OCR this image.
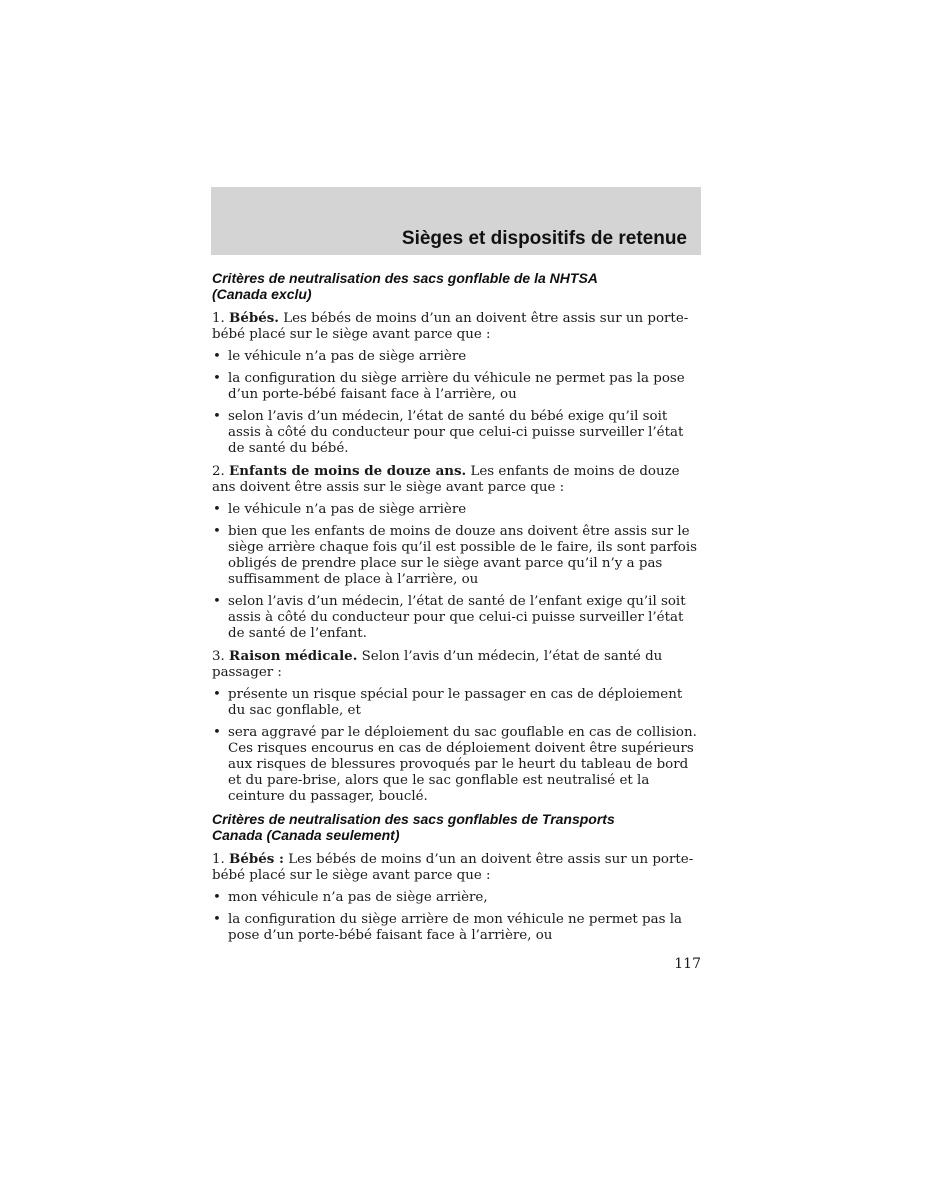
Sièges et dispositifs de retenue
Critères de neutralisation des sacs gonflable de la NHTSA
(Canada exclu)

1. Bébés. Les bébés de moins d’un an doivent être assis sur un porte-bébé placé sur le siège avant parce que :

• le véhicule n’a pas de siège arrière
• la configuration du siège arrière du véhicule ne permet pas la pose d’un porte-bébé faisant face à l’arrière, ou
• selon l’avis d’un médecin, l’état de santé du bébé exige qu’il soit assis à côté du conducteur pour que celui-ci puisse surveiller l’état de santé du bébé.

2. Enfants de moins de douze ans. Les enfants de moins de douze ans doivent être assis sur le siège avant parce que :

• le véhicule n’a pas de siège arrière
• bien que les enfants de moins de douze ans doivent être assis sur le siège arrière chaque fois qu’il est possible de le faire, ils sont parfois obligés de prendre place sur le siège avant parce qu’il n’y a pas suffisamment de place à l’arrière, ou
• selon l’avis d’un médecin, l’état de santé de l’enfant exige qu’il soit assis à côté du conducteur pour que celui-ci puisse surveiller l’état de santé de l’enfant.

3. Raison médicale. Selon l’avis d’un médecin, l’état de santé du passager :

• présente un risque spécial pour le passager en cas de déploiement du sac gonflable, et
• sera aggravé par le déploiement du sac gouflable en cas de collision. Ces risques encourus en cas de déploiement doivent être supérieurs aux risques de blessures provoqués par le heurt du tableau de bord et du pare-brise, alors que le sac gonflable est neutralisé et la ceinture du passager, bouclé.
Critères de neutralisation des sacs gonflables de Transports
Canada (Canada seulement)

1. Bébés : Les bébés de moins d’un an doivent être assis sur un porte-bébé placé sur le siège avant parce que :

• mon véhicule n’a pas de siège arrière,
• la configuration du siège arrière de mon véhicule ne permet pas la pose d’un porte-bébé faisant face à l’arrière, ou
117
